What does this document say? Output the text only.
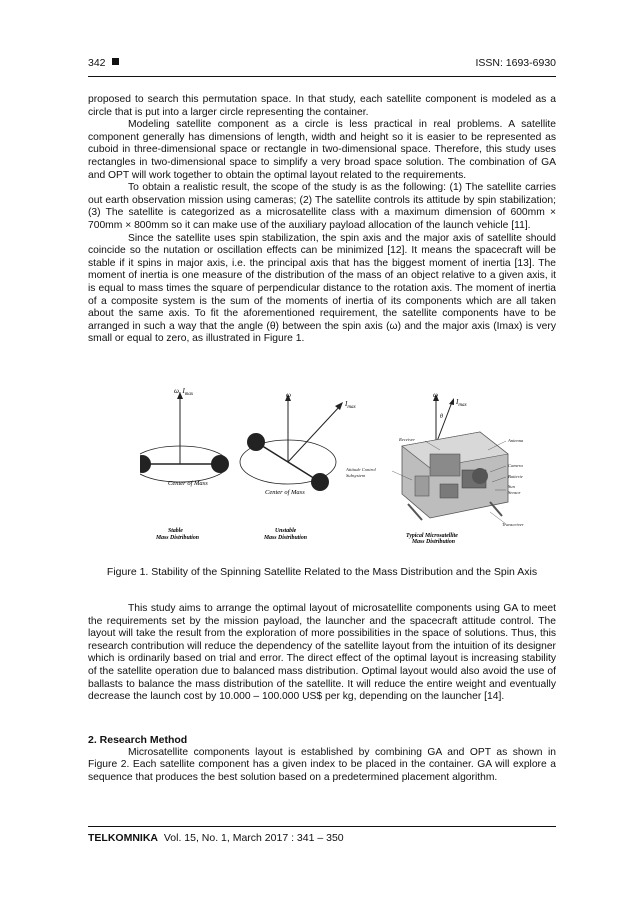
342	ISSN: 1693-6930

proposed to search this permutation space. In that study, each satellite component is modeled as a circle that is put into a larger circle representing the container.

Modeling satellite component as a circle is less practical in real problems. A satellite component generally has dimensions of length, width and height so it is easier to be represented as cuboid in three-dimensional space or rectangle in two-dimensional space. Therefore, this study uses rectangles in two-dimensional space to simplify a very broad space solution. The combination of GA and OPT will work together to obtain the optimal layout related to the requirements.

To obtain a realistic result, the scope of the study is as the following: (1) The satellite carries out earth observation mission using cameras; (2) The satellite controls its attitude by spin stabilization; (3) The satellite is categorized as a microsatellite class with a maximum dimension of 600mm × 700mm × 800mm so it can make use of the auxiliary payload allocation of the launch vehicle [11].

Since the satellite uses spin stabilization, the spin axis and the major axis of satellite should coincide so the nutation or oscillation effects can be minimized [12]. It means the spacecraft will be stable if it spins in major axis, i.e. the principal axis that has the biggest moment of inertia [13]. The moment of inertia is one measure of the distribution of the mass of an object relative to a given axis, it is equal to mass times the square of perpendicular distance to the rotation axis. The moment of inertia of a composite system is the sum of the moments of inertia of its components which are all taken about the same axis. To fit the aforementioned requirement, the satellite components have to be arranged in such a way that the angle (θ) between the spin axis (ω) and the major axis (Imax) is very small or equal to zero, as illustrated in Figure 1.

ω, $I_{max}$
Center of Mass
Stable
Mass Distribution
ω
$I_{max}$
Center of Mass
Unstable
Mass Distribution
ω
$I_{max}$
θ
Receiver	Antenna
Camera
Batterie
Sun
Sensor
Attitude Control
Subsystem
Transceiver
Typical Microsatellite
Mass Distribution
Figure 1. Stability of the Spinning Satellite Related to the Mass Distribution and the Spin Axis

This study aims to arrange the optimal layout of microsatellite components using GA to meet the requirements set by the mission payload, the launcher and the spacecraft attitude control. The layout will take the result from the exploration of more possibilities in the space of solutions. Thus, this research contribution will reduce the dependency of the satellite layout from the intuition of its designer which is ordinarily based on trial and error. The direct effect of the optimal layout is increasing stability of the satellite operation due to balanced mass distribution. Optimal layout would also avoid the use of ballasts to balance the mass distribution of the satellite. It will reduce the entire weight and eventually decrease the launch cost by 10.000 – 100.000 US$ per kg, depending on the launcher [14].

2. Research Method

Microsatellite components layout is established by combining GA and OPT as shown in Figure 2. Each satellite component has a given index to be placed in the container. GA will explore a sequence that produces the best solution based on a predetermined placement algorithm.

TELKOMNIKA Vol. 15, No. 1, March 2017 : 341 – 350
